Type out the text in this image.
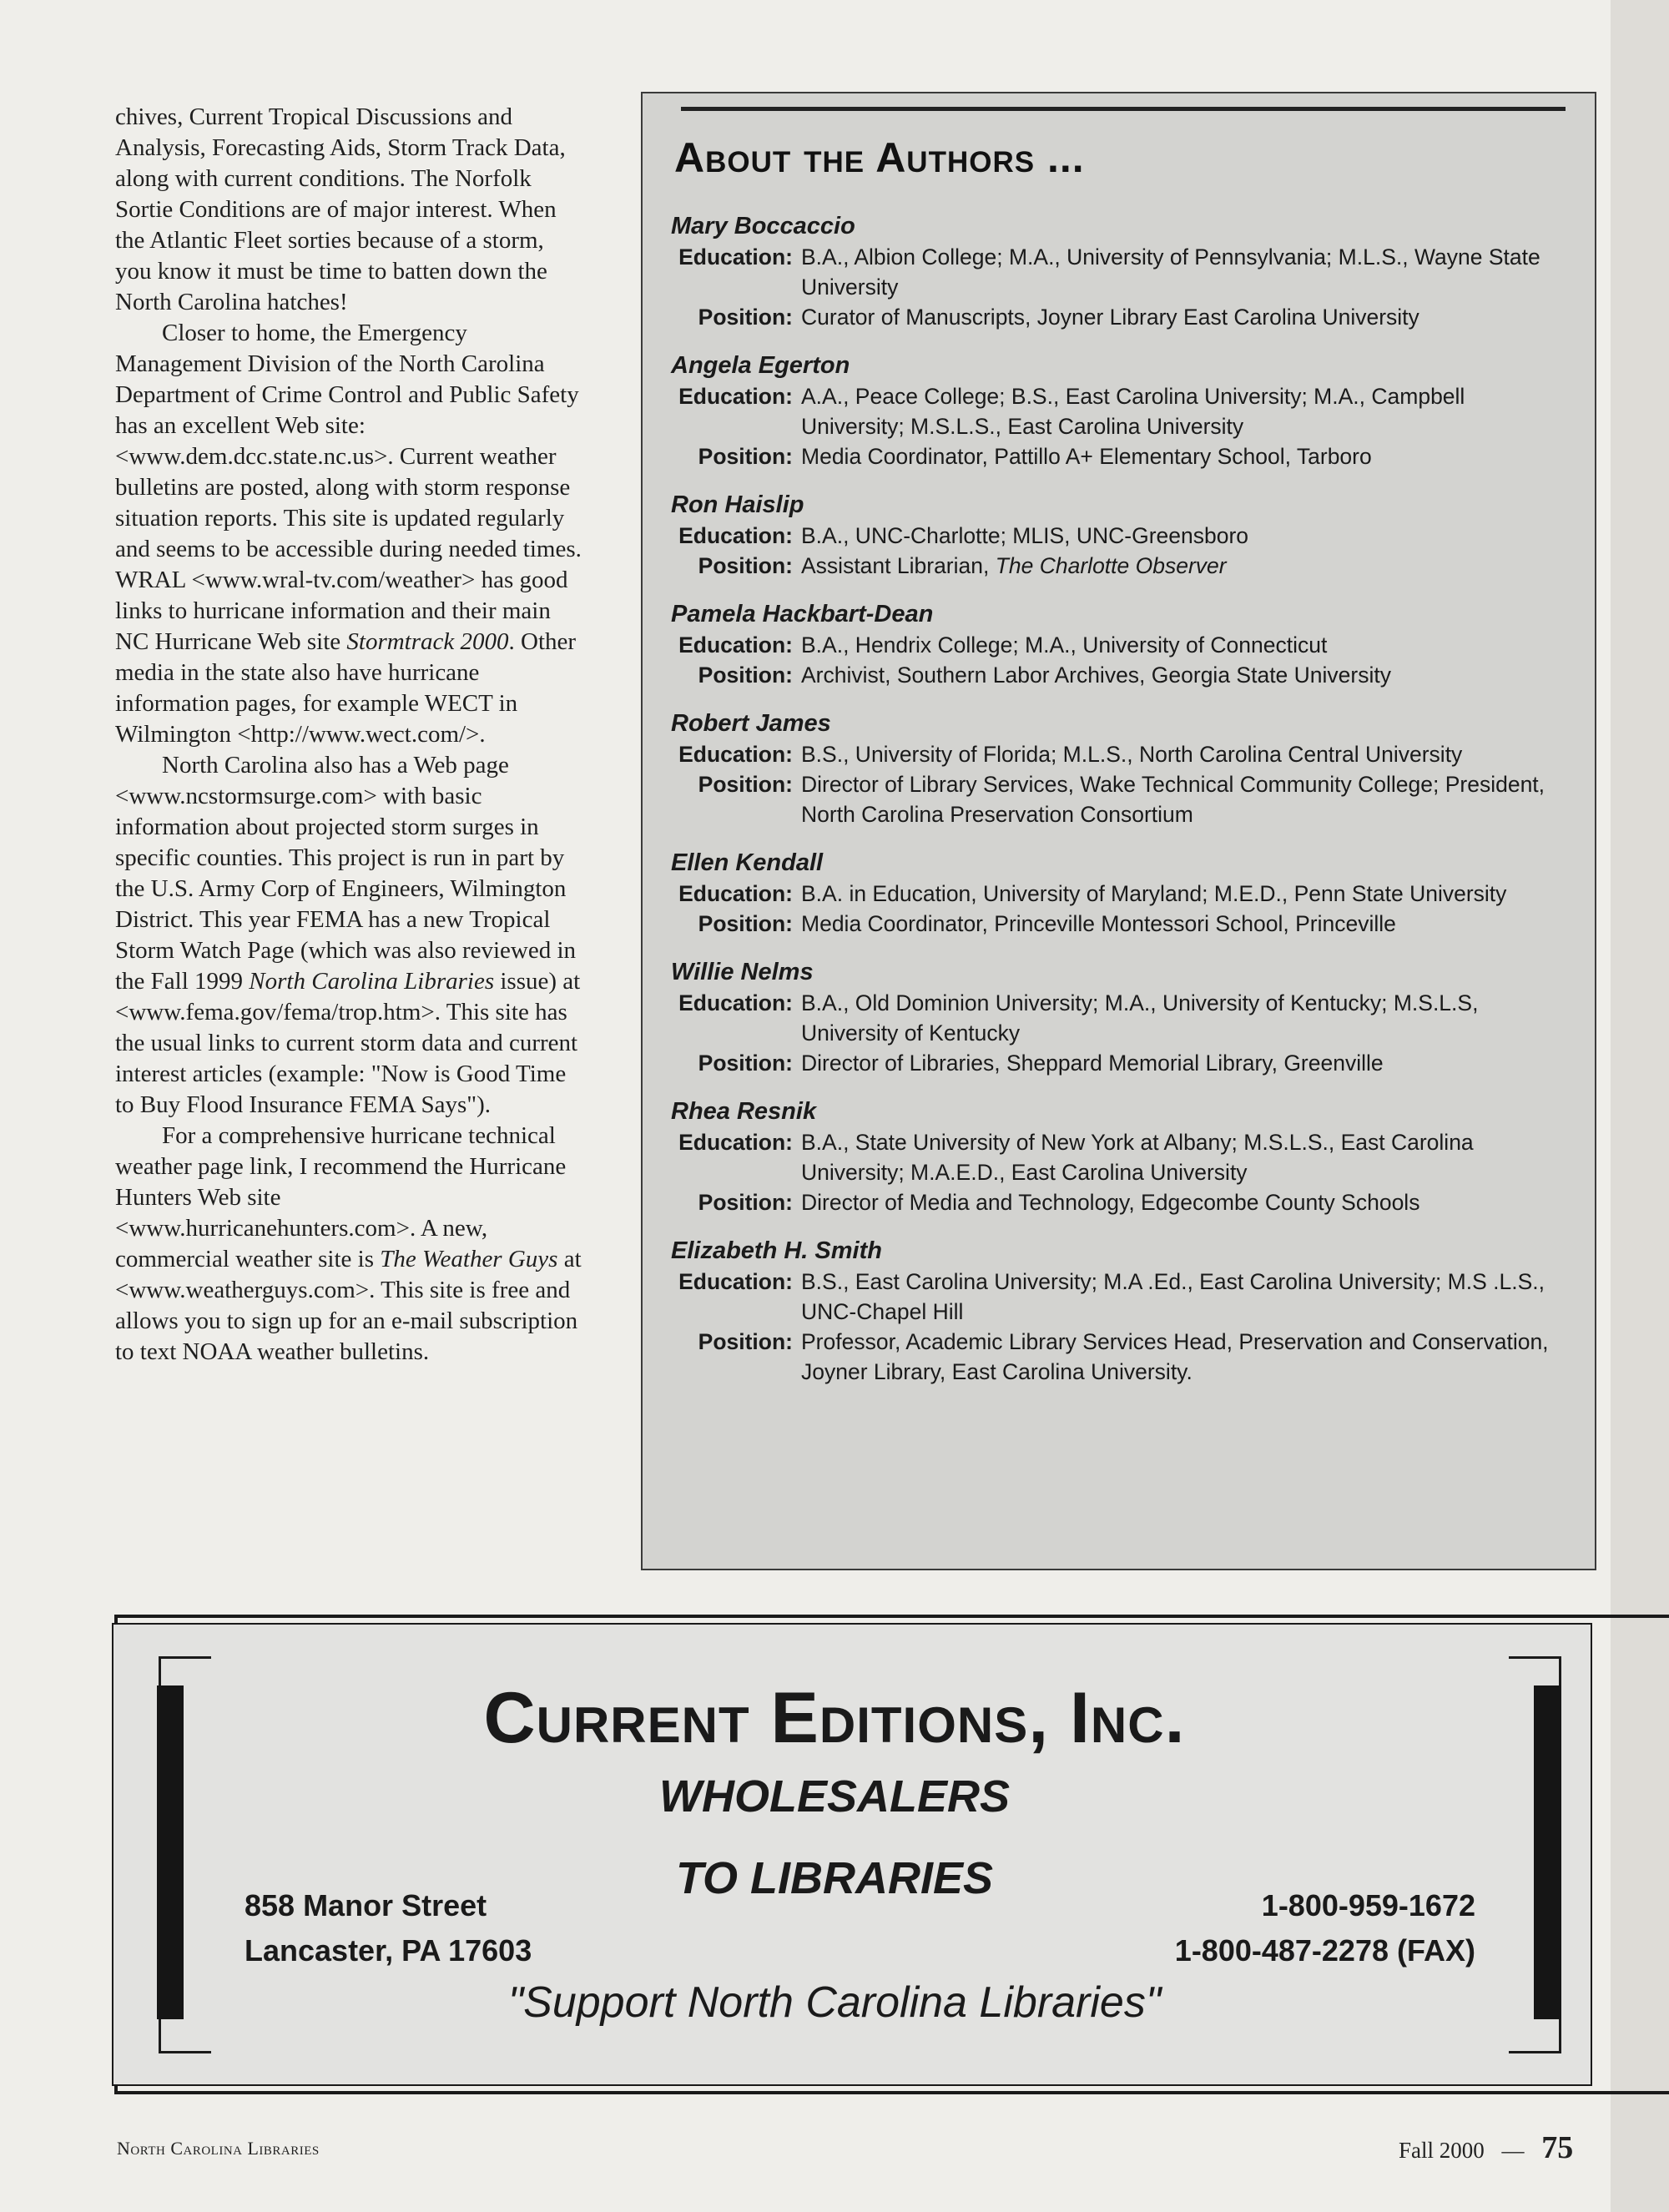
chives, Current Tropical Discussions and Analysis, Forecasting Aids, Storm Track Data, along with current conditions. The Norfolk Sortie Conditions are of major interest. When the Atlantic Fleet sorties because of a storm, you know it must be time to batten down the North Carolina hatches!

Closer to home, the Emergency Management Division of the North Carolina Department of Crime Control and Public Safety has an excellent Web site: <www.dem.dcc.state.nc.us>. Current weather bulletins are posted, along with storm response situation reports. This site is updated regularly and seems to be accessible during needed times. WRAL <www.wral-tv.com/weather> has good links to hurricane information and their main NC Hurricane Web site Stormtrack 2000. Other media in the state also have hurricane information pages, for example WECT in Wilmington <http://www.wect.com/>.

North Carolina also has a Web page <www.ncstormsurge.com> with basic information about projected storm surges in specific counties. This project is run in part by the U.S. Army Corp of Engineers, Wilmington District. This year FEMA has a new Tropical Storm Watch Page (which was also reviewed in the Fall 1999 North Carolina Libraries issue) at <www.fema.gov/fema/trop.htm>. This site has the usual links to current storm data and current interest articles (example: "Now is Good Time to Buy Flood Insurance FEMA Says").

For a comprehensive hurricane technical weather page link, I recommend the Hurricane Hunters Web site <www.hurricanehunters.com>. A new, commercial weather site is The Weather Guys at <www.weatherguys.com>. This site is free and allows you to sign up for an e-mail subscription to text NOAA weather bulletins.

About the Authors ...
Mary Boccaccio
Education: B.A., Albion College; M.A., University of Pennsylvania; M.L.S., Wayne State University
Position: Curator of Manuscripts, Joyner Library East Carolina University
Angela Egerton
Education: A.A., Peace College; B.S., East Carolina University; M.A., Campbell University; M.S.L.S., East Carolina University
Position: Media Coordinator, Pattillo A+ Elementary School, Tarboro
Ron Haislip
Education: B.A., UNC-Charlotte; MLIS, UNC-Greensboro
Position: Assistant Librarian, The Charlotte Observer
Pamela Hackbart-Dean
Education: B.A., Hendrix College; M.A., University of Connecticut
Position: Archivist, Southern Labor Archives, Georgia State University
Robert James
Education: B.S., University of Florida; M.L.S., North Carolina Central University
Position: Director of Library Services, Wake Technical Community College; President, North Carolina Preservation Consortium
Ellen Kendall
Education: B.A. in Education, University of Maryland; M.E.D., Penn State University
Position: Media Coordinator, Princeville Montessori School, Princeville
Willie Nelms
Education: B.A., Old Dominion University; M.A., University of Kentucky; M.S.L.S, University of Kentucky
Position: Director of Libraries, Sheppard Memorial Library, Greenville
Rhea Resnik
Education: B.A., State University of New York at Albany; M.S.L.S., East Carolina University; M.A.E.D., East Carolina University
Position: Director of Media and Technology, Edgecombe County Schools
Elizabeth H. Smith
Education: B.S., East Carolina University; M.A .Ed., East Carolina University; M.S .L.S., UNC-Chapel Hill
Position: Professor, Academic Library Services Head, Preservation and Conservation, Joyner Library, East Carolina University.
Current Editions, Inc.
WHOLESALERS
TO LIBRARIES
858 Manor Street
Lancaster, PA 17603
1-800-959-1672
1-800-487-2278 (FAX)
"Support North Carolina Libraries"
North Carolina Libraries	Fall 2000 — 75
